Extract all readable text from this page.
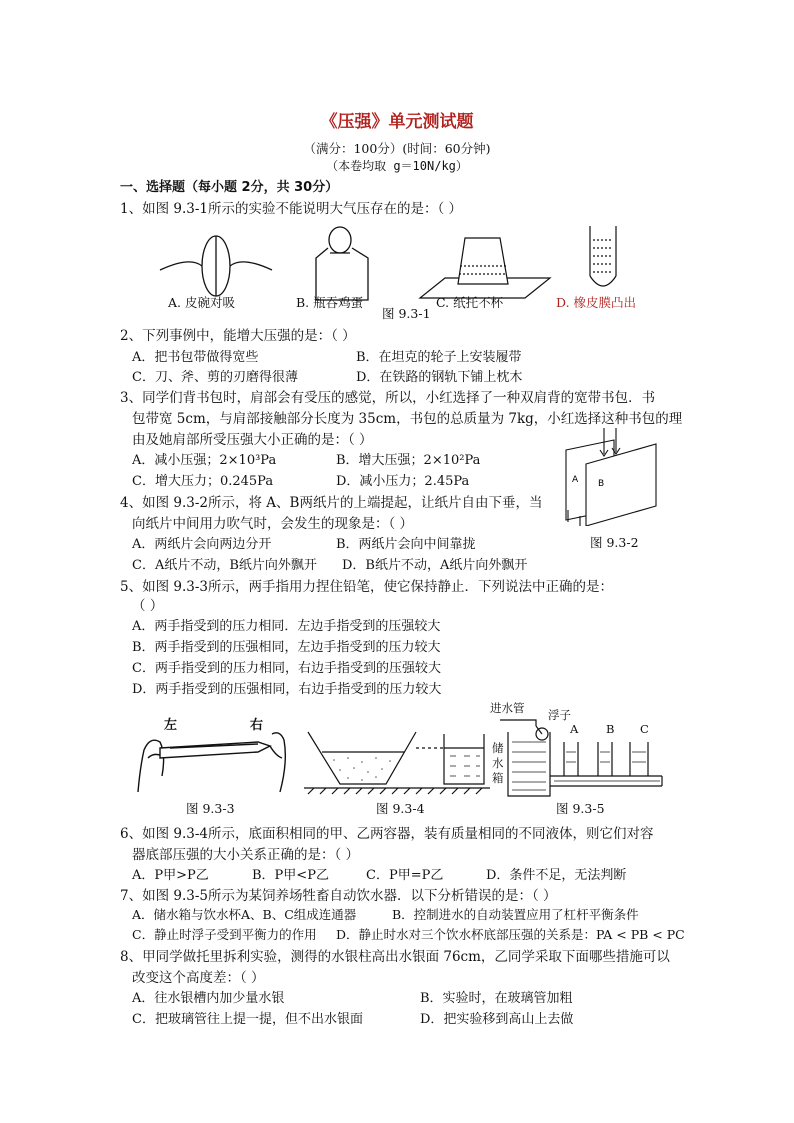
《压强》单元测试题
（满分：100分）(时间：60分钟)
（本卷均取 g＝10N/kg）
一、选择题（每小题 2分，共 30分）
1、如图 9.3-1所示的实验不能说明大气压存在的是：（ ）
A. 皮碗对吸	B. 瓶吞鸡蛋	C. 纸托不杯	D. 橡皮膜凸出
图 9.3-1
2、下列事例中，能增大压强的是：（ ）
A．把书包带做得宽些	B．在坦克的轮子上安装履带
C．刀、斧、剪的刃磨得很薄	D．在铁路的钢轨下铺上枕木
3、同学们背书包时，肩部会有受压的感觉，所以，小红选择了一种双肩背的宽带书包．书
包带宽 5cm，与肩部接触部分长度为 35cm，书包的总质量为 7kg，小红选择这种书包的理
由及她肩部所受压强大小正确的是：（ ）
A．减小压强；2×10³Pa	B．增大压强；2×10²Pa
C．增大压力；0.245Pa	D．减小压力；2.45Pa	A B
4、如图 9.3-2所示，将 A、B两纸片的上端提起，让纸片自由下垂，当
向纸片中间用力吹气时，会发生的现象是：（ ）
A．两纸片会向两边分开	B．两纸片会向中间靠拢	图 9.3-2
C．A纸片不动，B纸片向外飘开 D．B纸片不动，A纸片向外飘开
5、如图 9.3-3所示，两手指用力捏住铅笔，使它保持静止．下列说法中正确的是：
（ ）
A．两手指受到的压力相同．左边手指受到的压强较大
B．两手指受到的压强相同，左边手指受到的压力较大
C．两手指受到的压力相同，右边手指受到的压强较大
D．两手指受到的压强相同，右边手指受到的压力较大
左	右
进水管 浮子
储
水
箱
A B C
图 9.3-3	图 9.3-4	图 9.3-5
6、如图 9.3-4所示，底面积相同的甲、乙两容器，装有质量相同的不同液体，则它们对容
器底部压强的大小关系正确的是：（ ）
A．P甲>P乙	B．P甲<P乙	C．P甲=P乙	D．条件不足，无法判断
7、如图 9.3-5所示为某饲养场牲畜自动饮水器．以下分析错误的是：（ ）
A．储水箱与饮水杯A、B、C组成连通器	B．控制进水的自动装置应用了杠杆平衡条件
C．静止时浮子受到平衡力的作用 D．静止时水对三个饮水杯底部压强的关系是：PA < PB < PC
8、甲同学做托里拆利实验，测得的水银柱高出水银面 76cm，乙同学采取下面哪些措施可以
改变这个高度差：（ ）
A．往水银槽内加少量水银	B．实验时，在玻璃管加粗
C．把玻璃管往上提一提，但不出水银面	D．把实验移到高山上去做
